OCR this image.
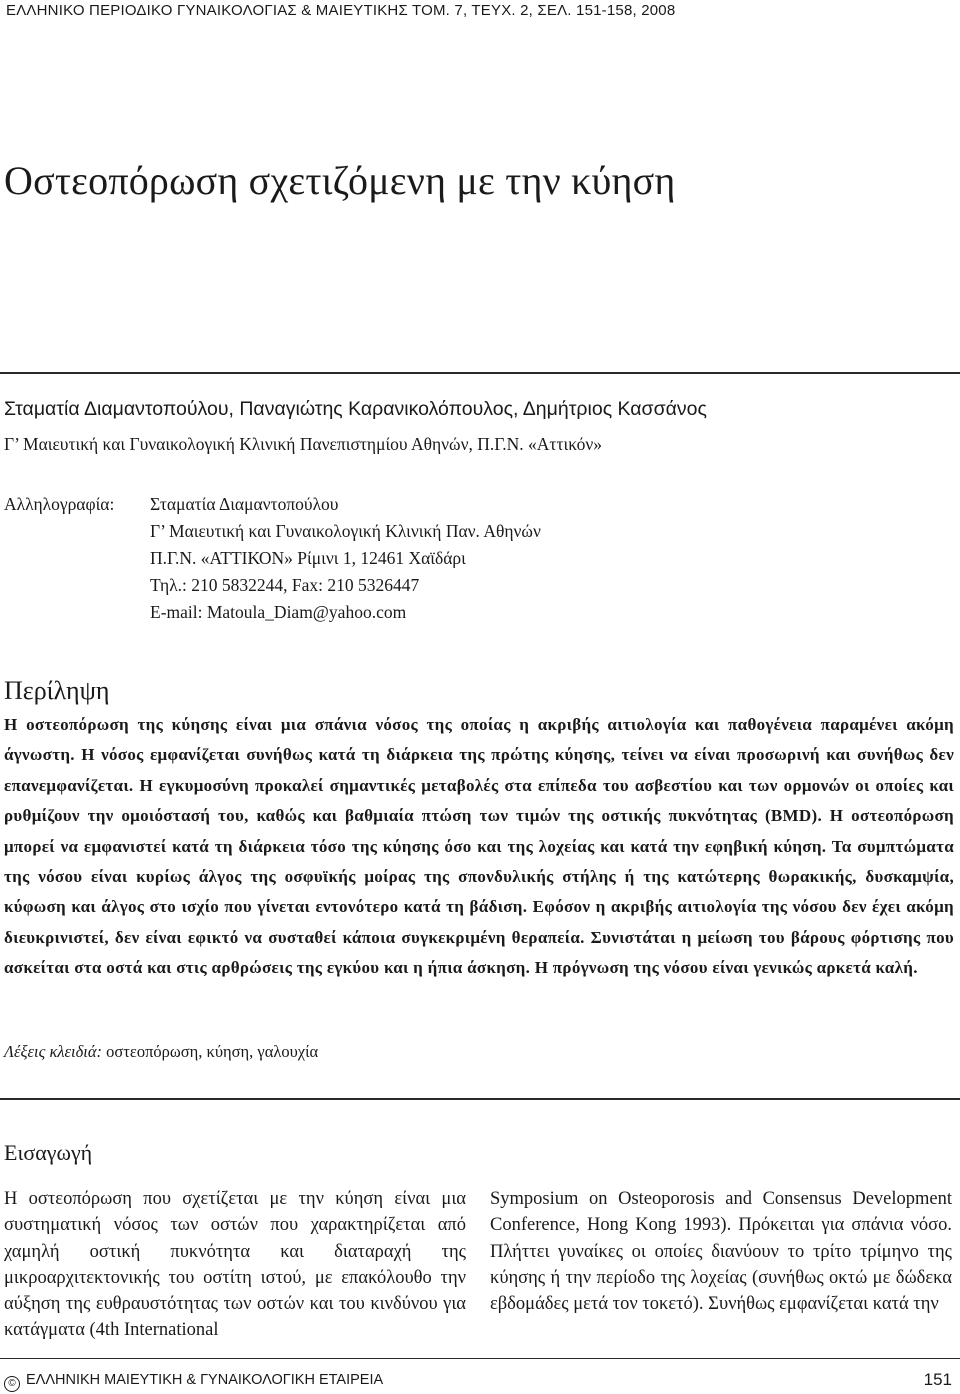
ΕΛΛΗΝΙΚΟ ΠΕΡΙΟΔΙΚΟ ΓΥΝΑΙΚΟΛΟΓΙΑΣ & ΜΑΙΕΥΤΙΚΗΣ ΤΟΜ. 7, ΤΕΥΧ. 2, ΣΕΛ. 151-158, 2008
Οστεοπόρωση σχετιζόμενη με την κύηση
Σταματία Διαμαντοπούλου, Παναγιώτης Καρανικολόπουλος, Δημήτριος Κασσάνος
Γ’ Μαιευτική και Γυναικολογική Κλινική Πανεπιστημίου Αθηνών, Π.Γ.Ν. «Αττικόν»
Αλληλογραφία: Σταματία Διαμαντοπούλου
Γ’ Μαιευτική και Γυναικολογική Κλινική Παν. Αθηνών
Π.Γ.Ν. «ΑΤΤΙΚΟΝ» Ρίμινι 1, 12461 Χαϊδάρι
Τηλ.: 210 5832244, Fax: 210 5326447
E-mail: Matoula_Diam@yahoo.com
Περίληψη

Η οστεοπόρωση της κύησης είναι μια σπάνια νόσος της οποίας η ακριβής αιτιολογία και παθογένεια παραμένει ακόμη άγνωστη. Η νόσος εμφανίζεται συνήθως κατά τη διάρκεια της πρώτης κύησης, τείνει να είναι προσωρινή και συνήθως δεν επανεμφανίζεται. Η εγκυμοσύνη προκαλεί σημαντικές μεταβολές στα επίπεδα του ασβεστίου και των ορμονών οι οποίες και ρυθμίζουν την ομοιόστασή του, καθώς και βαθμιαία πτώση των τιμών της οστικής πυκνότητας (BMD). Η οστεοπόρωση μπορεί να εμφανιστεί κατά τη διάρκεια τόσο της κύησης όσο και της λοχείας και κατά την εφηβική κύηση. Τα συμπτώματα της νόσου είναι κυρίως άλγος της οσφυϊκής μοίρας της σπονδυλικής στήλης ή της κατώτερης θωρακικής, δυσκαμψία, κύφωση και άλγος στο ισχίο που γίνεται εντονότερο κατά τη βάδιση. Εφόσον η ακριβής αιτιολογία της νόσου δεν έχει ακόμη διευκρινιστεί, δεν είναι εφικτό να συσταθεί κάποια συγκεκριμένη θεραπεία. Συνιστάται η μείωση του βάρους φόρτισης που ασκείται στα οστά και στις αρθρώσεις της εγκύου και η ήπια άσκηση. Η πρόγνωση της νόσου είναι γενικώς αρκετά καλή.

Λέξεις κλειδιά: οστεοπόρωση, κύηση, γαλουχία
Εισαγωγή

Η οστεοπόρωση που σχετίζεται με την κύηση είναι μια συστηματική νόσος των οστών που χαρακτηρίζεται από χαμηλή οστική πυκνότητα και διαταραχή της μικροαρχιτεκτονικής του οστίτη ιστού, με επακόλουθο την αύξηση της ευθραυστότητας των οστών και του κινδύνου για κατάγματα (4th International

Symposium on Osteoporosis and Consensus Development Conference, Hong Kong 1993). Πρόκειται για σπάνια νόσο. Πλήττει γυναίκες οι οποίες διανύουν το τρίτο τρίμηνο της κύησης ή την περίοδο της λοχείας (συνήθως οκτώ με δώδεκα εβδομάδες μετά τον τοκετό). Συνήθως εμφανίζεται κατά την

© ΕΛΛΗΝΙΚΗ ΜΑΙΕΥΤΙΚΗ & ΓΥΝΑΙΚΟΛΟΓΙΚΗ ΕΤΑΙΡΕΙΑ	151
